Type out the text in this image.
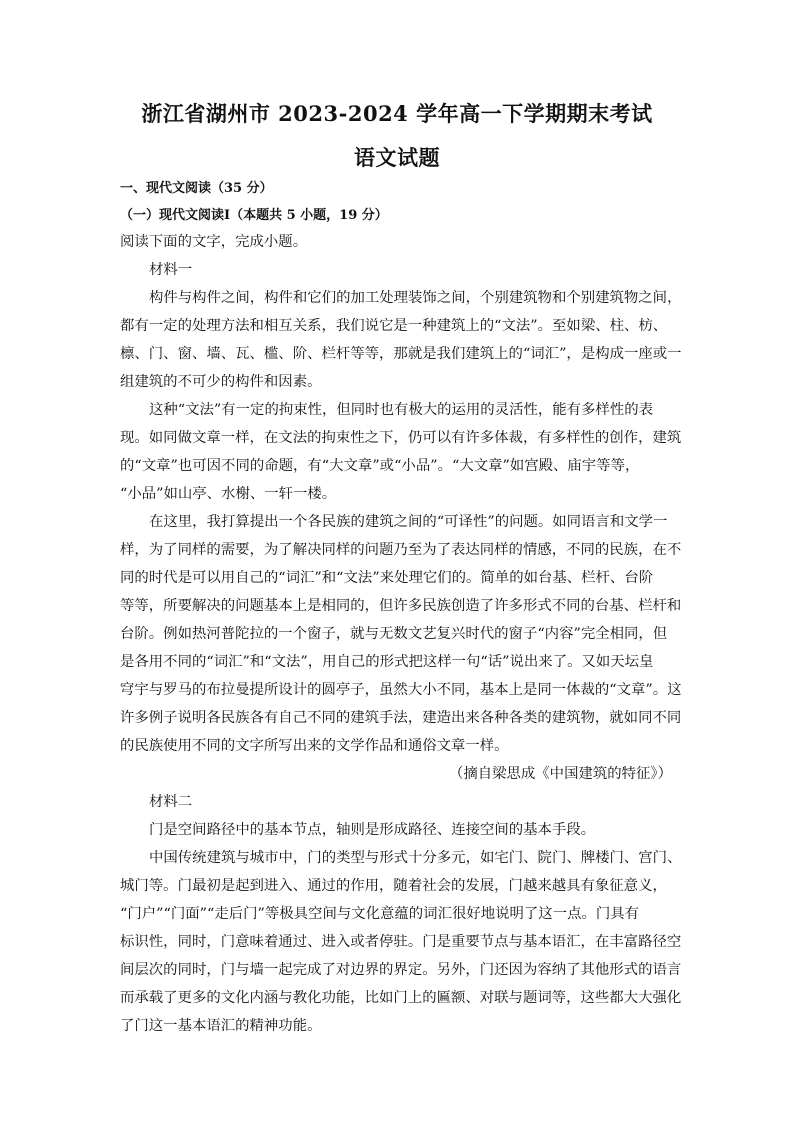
浙江省湖州市 2023-2024 学年高一下学期期末考试
语文试题
一、现代文阅读（35 分）
（一）现代文阅读Ⅰ（本题共 5 小题，19 分）
阅读下面的文字，完成小题。
材料一
构件与构件之间，构件和它们的加工处理装饰之间，个别建筑物和个别建筑物之间，
都有一定的处理方法和相互关系，我们说它是一种建筑上的“文法”。至如梁、柱、枋、
檩、门、窗、墙、瓦、槛、阶、栏杆等等，那就是我们建筑上的“词汇”，是构成一座或一
组建筑的不可少的构件和因素。
这种“文法”有一定的拘束性，但同时也有极大的运用的灵活性，能有多样性的表
现。如同做文章一样，在文法的拘束性之下，仍可以有许多体裁，有多样性的创作，建筑
的“文章”也可因不同的命题，有“大文章”或“小品”。“大文章”如宫殿、庙宇等等，
“小品”如山亭、水榭、一轩一楼。
在这里，我打算提出一个各民族的建筑之间的“可译性”的问题。如同语言和文学一
样，为了同样的需要，为了解决同样的问题乃至为了表达同样的情感，不同的民族，在不
同的时代是可以用自己的“词汇”和“文法”来处理它们的。简单的如台基、栏杆、台阶
等等，所要解决的问题基本上是相同的，但许多民族创造了许多形式不同的台基、栏杆和
台阶。例如热河普陀拉的一个窗子，就与无数文艺复兴时代的窗子“内容”完全相同，但
是各用不同的“词汇”和“文法”，用自己的形式把这样一句“话”说出来了。又如天坛皇
穹宇与罗马的布拉曼提所设计的圆亭子，虽然大小不同，基本上是同一体裁的“文章”。这
许多例子说明各民族各有自己不同的建筑手法，建造出来各种各类的建筑物，就如同不同
的民族使用不同的文字所写出来的文学作品和通俗文章一样。
（摘自梁思成《中国建筑的特征》）
材料二
门是空间路径中的基本节点，轴则是形成路径、连接空间的基本手段。
中国传统建筑与城市中，门的类型与形式十分多元，如宅门、院门、牌楼门、宫门、
城门等。门最初是起到进入、通过的作用，随着社会的发展，门越来越具有象征意义，
“门户”“门面”“走后门”等极具空间与文化意蕴的词汇很好地说明了这一点。门具有
标识性，同时，门意味着通过、进入或者停驻。门是重要节点与基本语汇，在丰富路径空
间层次的同时，门与墙一起完成了对边界的界定。另外，门还因为容纳了其他形式的语言
而承载了更多的文化内涵与教化功能，比如门上的匾额、对联与题词等，这些都大大强化
了门这一基本语汇的精神功能。
